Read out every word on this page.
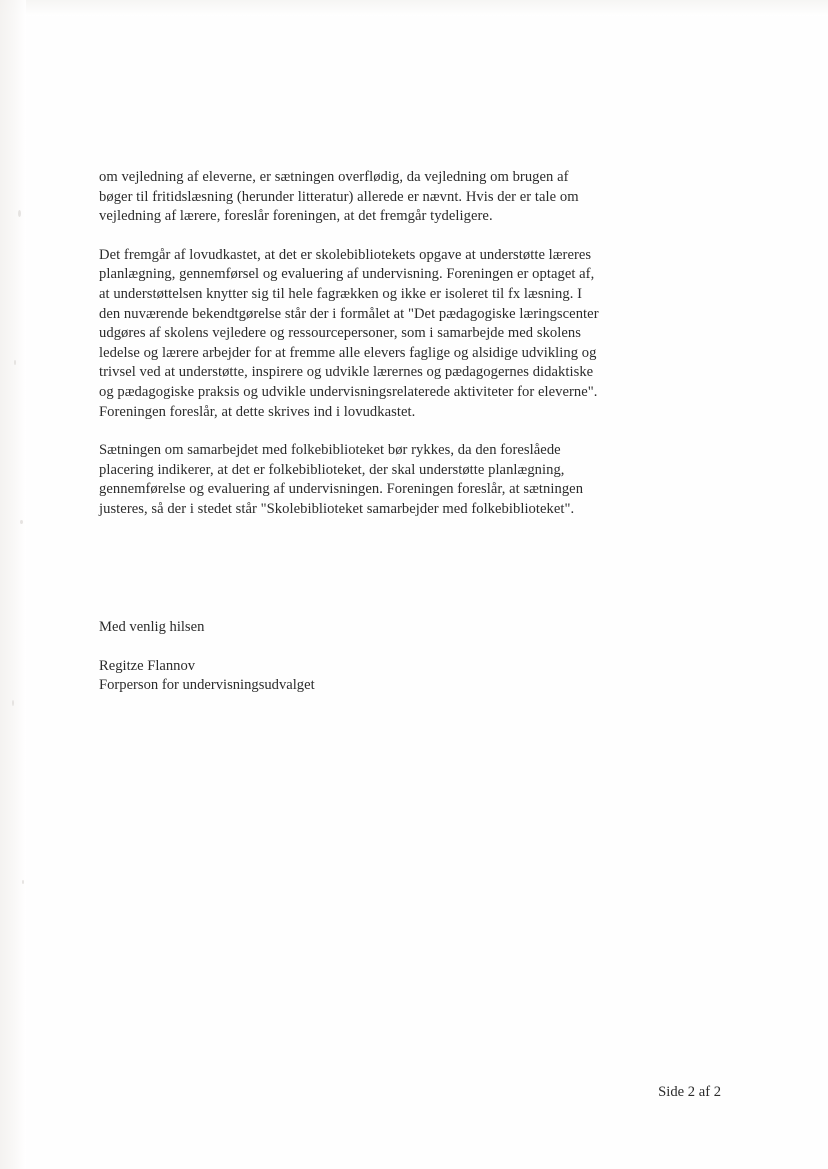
om vejledning af eleverne, er sætningen overflødig, da vejledning om brugen af bøger til fritidslæsning (herunder litteratur) allerede er nævnt. Hvis der er tale om vejledning af lærere, foreslår foreningen, at det fremgår tydeligere.

Det fremgår af lovudkastet, at det er skolebibliotekets opgave at understøtte læreres planlægning, gennemførsel og evaluering af undervisning. Foreningen er optaget af, at understøttelsen knytter sig til hele fagrækken og ikke er isoleret til fx læsning. I den nuværende bekendtgørelse står der i formålet at "Det pædagogiske læringscenter udgøres af skolens vejledere og ressourcepersoner, som i samarbejde med skolens ledelse og lærere arbejder for at fremme alle elevers faglige og alsidige udvikling og trivsel ved at understøtte, inspirere og udvikle lærernes og pædagogernes didaktiske og pædagogiske praksis og udvikle undervisningsrelaterede aktiviteter for eleverne". Foreningen foreslår, at dette skrives ind i lovudkastet.

Sætningen om samarbejdet med folkebiblioteket bør rykkes, da den foreslåede placering indikerer, at det er folkebiblioteket, der skal understøtte planlægning, gennemførelse og evaluering af undervisningen. Foreningen foreslår, at sætningen justeres, så der i stedet står "Skolebiblioteket samarbejder med folkebiblioteket".

Med venlig hilsen

Regitze Flannov

Forperson for undervisningsudvalget

Side 2 af 2
